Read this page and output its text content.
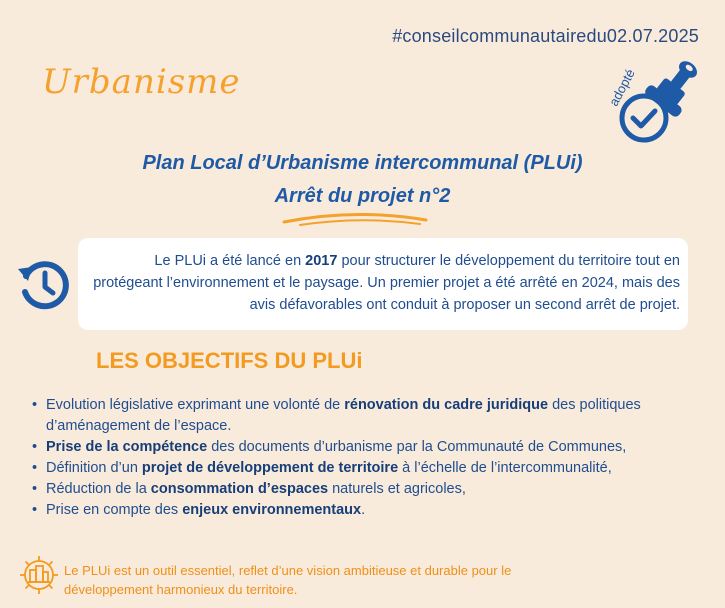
#conseilcommunautairedu02.07.2025
Urbanisme	adopté
Plan Local d’Urbanisme intercommunal (PLUi)
Arrêt du projet n°2
Le PLUi a été lancé en 2017 pour structurer le développement du territoire tout en protégeant l’environnement et le paysage. Un premier projet a été arrêté en 2024, mais des avis défavorables ont conduit à proposer un second arrêt de projet.
LES OBJECTIFS DU PLUi
• Evolution législative exprimant une volonté de rénovation du cadre juridique des politiques d’aménagement de l’espace.
• Prise de la compétence des documents d’urbanisme par la Communauté de Communes,
• Définition d’un projet de développement de territoire à l’échelle de l’intercommunalité,
• Réduction de la consommation d’espaces naturels et agricoles,
• Prise en compte des enjeux environnementaux.
Le PLUi est un outil essentiel, reflet d’une vision ambitieuse et durable pour le développement harmonieux du territoire.
